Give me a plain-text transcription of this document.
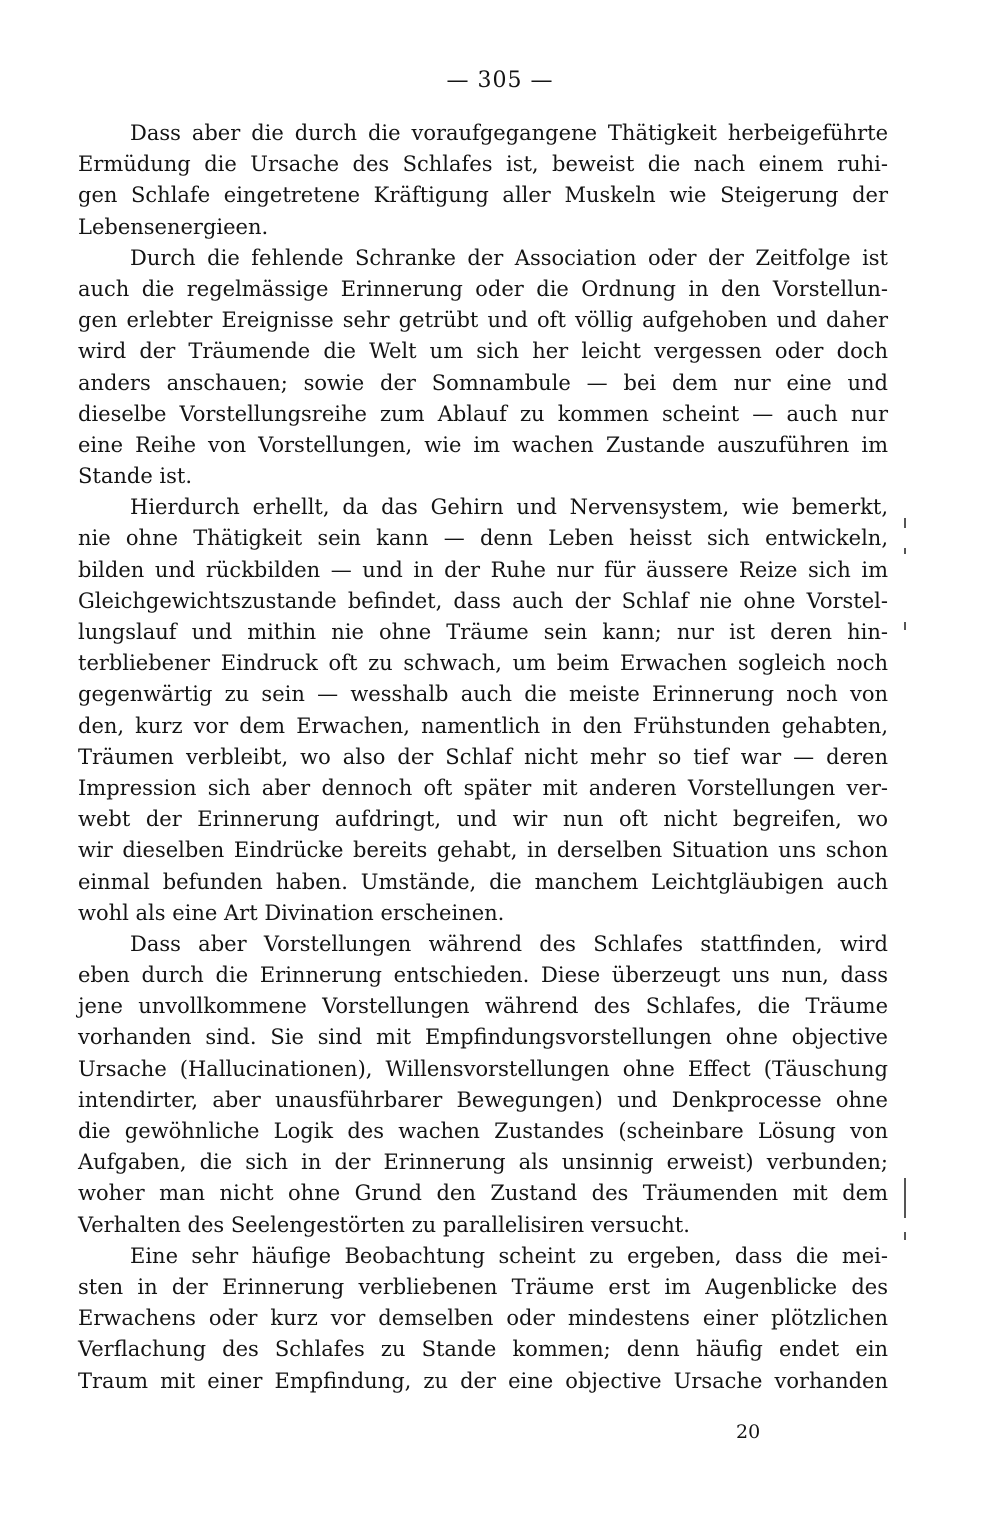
— 305 —
Dass aber die durch die voraufgegangene Thätigkeit herbeigeführte
Ermüdung die Ursache des Schlafes ist, beweist die nach einem ruhi-
gen Schlafe eingetretene Kräftigung aller Muskeln wie Steigerung der
Lebensenergieen.
Durch die fehlende Schranke der Association oder der Zeitfolge ist
auch die regelmässige Erinnerung oder die Ordnung in den Vorstellun-
gen erlebter Ereignisse sehr getrübt und oft völlig aufgehoben und daher
wird der Träumende die Welt um sich her leicht vergessen oder doch
anders anschauen; sowie der Somnambule — bei dem nur eine und
dieselbe Vorstellungsreihe zum Ablauf zu kommen scheint — auch nur
eine Reihe von Vorstellungen, wie im wachen Zustande auszuführen im
Stande ist.
Hierdurch erhellt, da das Gehirn und Nervensystem, wie bemerkt,
nie ohne Thätigkeit sein kann — denn Leben heisst sich entwickeln,
bilden und rückbilden — und in der Ruhe nur für äussere Reize sich im
Gleichgewichtszustande befindet, dass auch der Schlaf nie ohne Vorstel-
lungslauf und mithin nie ohne Träume sein kann; nur ist deren hin-
terbliebener Eindruck oft zu schwach, um beim Erwachen sogleich noch
gegenwärtig zu sein — wesshalb auch die meiste Erinnerung noch von
den, kurz vor dem Erwachen, namentlich in den Frühstunden gehabten,
Träumen verbleibt, wo also der Schlaf nicht mehr so tief war — deren
Impression sich aber dennoch oft später mit anderen Vorstellungen ver-
webt der Erinnerung aufdringt, und wir nun oft nicht begreifen, wo
wir dieselben Eindrücke bereits gehabt, in derselben Situation uns schon
einmal befunden haben. Umstände, die manchem Leichtgläubigen auch
wohl als eine Art Divination erscheinen.
Dass aber Vorstellungen während des Schlafes stattfinden, wird
eben durch die Erinnerung entschieden. Diese überzeugt uns nun, dass
jene unvollkommene Vorstellungen während des Schlafes, die Träume
vorhanden sind. Sie sind mit Empfindungsvorstellungen ohne objective
Ursache (Hallucinationen), Willensvorstellungen ohne Effect (Täuschung
intendirter, aber unausführbarer Bewegungen) und Denkprocesse ohne
die gewöhnliche Logik des wachen Zustandes (scheinbare Lösung von
Aufgaben, die sich in der Erinnerung als unsinnig erweist) verbunden;
woher man nicht ohne Grund den Zustand des Träumenden mit dem
Verhalten des Seelengestörten zu parallelisiren versucht.
Eine sehr häufige Beobachtung scheint zu ergeben, dass die mei-
sten in der Erinnerung verbliebenen Träume erst im Augenblicke des
Erwachens oder kurz vor demselben oder mindestens einer plötzlichen
Verflachung des Schlafes zu Stande kommen; denn häufig endet ein
Traum mit einer Empfindung, zu der eine objective Ursache vorhanden
20
